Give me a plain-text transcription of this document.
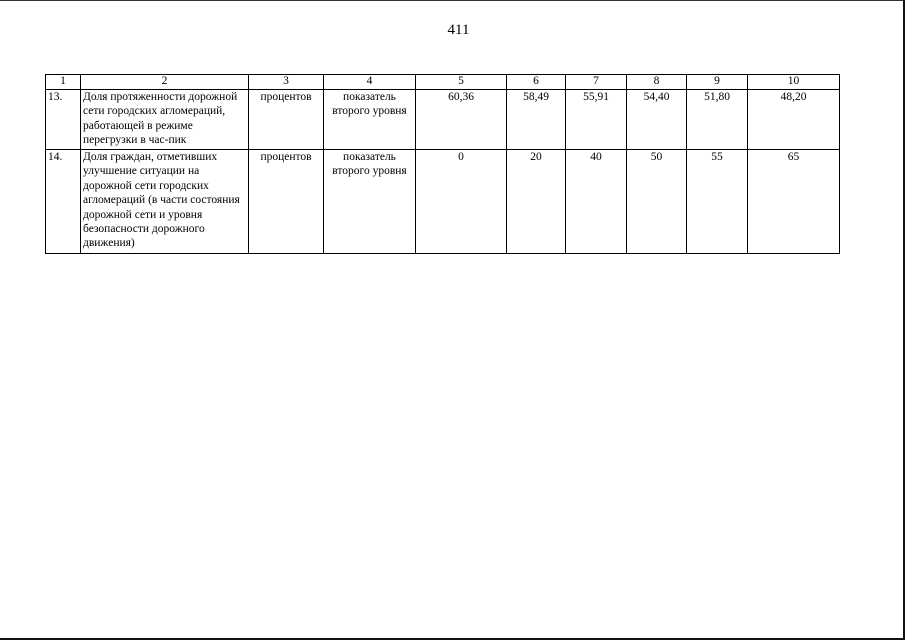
411
1	2	3	4	5	6	7	8	9	10
13.	Доля протяженности дорожной сети городских агломераций, работающей в режиме перегрузки в час-пик	процентов	показатель второго уровня	60,36	58,49	55,91	54,40	51,80	48,20
14.	Доля граждан, отметивших улучшение ситуации на дорожной сети городских агломераций (в части состояния дорожной сети и уровня безопасности дорожного движения)	процентов	показатель второго уровня	0	20	40	50	55	65
